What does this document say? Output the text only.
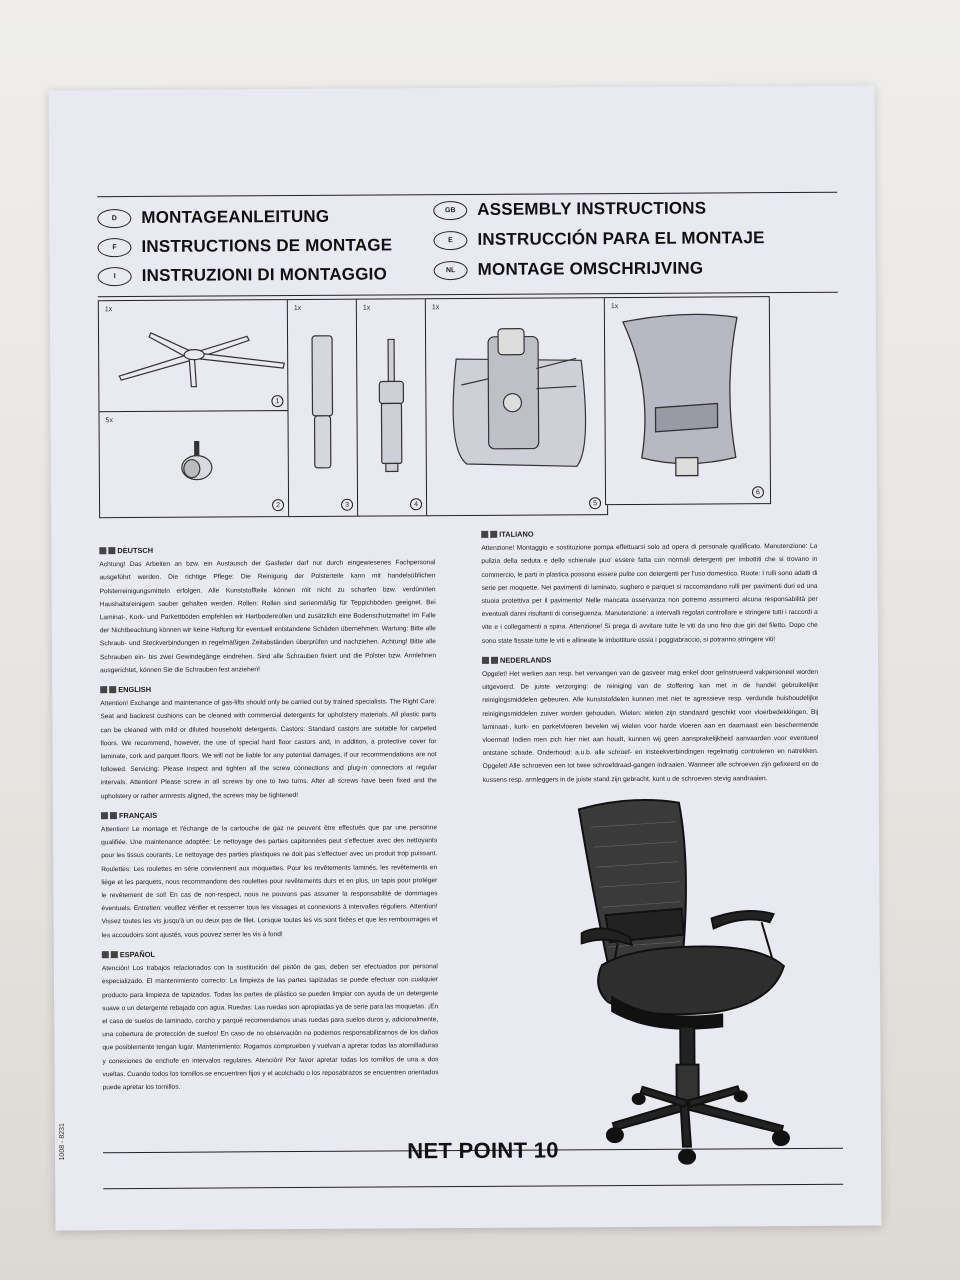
D	MONTAGEANLEITUNG
F	INSTRUCTIONS DE MONTAGE
I	INSTRUZIONI DI MONTAGGIO
GB	ASSEMBLY INSTRUCTIONS
E	INSTRUCCIÓN PARA EL MONTAJE
NL	MONTAGE OMSCHRIJVING
1x
1
5x
2
1x
3
1x
4
1x
5
1x
6
DEUTSCH

Achtung! Das Arbeiten an bzw. ein Austausch der Gasfeder darf nur durch eingewiesenes Fachpersonal ausgeführt werden. Die richtige Pflege: Die Reinigung der Polsterteile kann mit handelsüblichen Polsterreinigungsmitteln erfolgen. Alle Kunststoffteile können mit nicht zu scharfen bzw. verdünnten Haushaltsreinigern sauber gehalten werden. Rollen: Rollen sind serienmäßig für Teppichböden geeignet. Bei Laminat-, Kork- und Parkettböden empfehlen wir Hartbodenrollen und zusätzlich eine Bodenschutzmatte! Im Falle der Nichtbeachtung können wir keine Haftung für eventuell entstandene Schäden übernehmen. Wartung: Bitte alle Schraub- und Steckverbindungen in regelmäßigen Zeitabständen überprüfen und nachziehen. Achtung! Bitte alle Schrauben ein- bis zwei Gewindegänge eindrehen. Sind alle Schrauben fixiert und die Polster bzw. Armlehnen ausgerichtet, können Sie die Schrauben fest anziehen!

ENGLISH

Attention! Exchange and maintenance of gas-lifts should only be carried out by trained specialists. The Right Care: Seat and backrest cushions can be cleaned with commercial detergents for upholstery materials. All plastic parts can be cleaned with mild or diluted household detergents. Castors: Standard castors are suitable for carpeted floors. We recommend, however, the use of special hard floor castors and, in addition, a protective cover for laminate, cork and parquet floors. We will not be liable for any potential damages, if our recommendations are not followed. Servicing: Please inspect and tighten all the screw connections and plug-in connectors at regular intervals. Attention! Please screw in all screws by one to two turns. After all screws have been fixed and the upholstery or rather armrests aligned, the screws may be tightened!

FRANÇAIS

Attention! Le montage et l'échange de la cartouche de gaz ne peuvent être effectués que par une personne qualifiée. Une maintenance adaptée: Le nettoyage des parties capitonnées peut s'effectuer avec des nettoyants pour les tissus courants. Le nettoyage des parties plastiques ne doit pas s'effectuer avec un produit trop puissant. Roulettes: Les roulettes en série conviennent aux moquettes. Pour les revêtements laminés, les revêtements en liège et les parquets, nous recommandons des roulettes pour revêtements durs et en plus, un tapis pour protéger le revêtement de sol! En cas de non-respect, nous ne pouvons pas assumer la responsabilité de dommages éventuels. Entretien: veuillez vérifier et resserrer tous les vissages et connexions à intervalles réguliers. Attention! Vissez toutes les vis jusqu'à un ou deux pas de filet. Lorsque toutes les vis sont fixées et que les rembourrages et les accoudoirs sont ajustés, vous pouvez serrer les vis à fond!

ESPAÑOL

Atención! Los trabajos relacionados con la sustitución del pistón de gas, deben ser efectuados por personal especializado. El mantenimiento correcto: La limpieza de las partes tapizadas se puede efectuar con cualquier producto para limpieza de tapizados. Todas las partes de plástico se pueden limpiar con ayuda de un detergente suave o un detergente rebajado con agua. Ruedas: Las ruedas son apropiadas ya de serie para las moquetas. ¡En el caso de suelos de laminado, corcho y parqué recomendamos unas ruedas para suelos duros y, adicionalmente, una cobertura de protección de suelos! En caso de no observación no podemos responsabilizarnos de los daños que posiblemente tengan lugar. Mantenimiento: Rogamos comprueben y vuelvan a apretar todas las atornilladuras y conexiones de enchufe en intervalos regulares. Atención! Por favor apretar todas los tornillos de una a dos vueltas. Cuando todos los tornillos se encuentren fijos y el acolchado o los reposabrazos se encuentren orientados puede apretar los tornillos.

ITALIANO

Attenzione! Montaggio e sostituzione pompa effettuarsi solo ad opera di personale qualificato. Manutenzione: La pulizia della seduta e dello schienale puo' essere fatta con normali detergenti per imbottiti che si trovano in commercio, le parti in plastica possono essere pulite con detergenti per l'uso domestico. Ruote: I rulli sono adatti di serie per moquette. Nei pavimenti di laminato, sughero e parquet si raccomandano rulli per pavimenti duri ed una stuoia protettiva per il pavimento! Nelle mancata osservanza non potremo assumerci alcuna responsabilità per eventuali danni risultanti di conseguenza. Manutenzione: a intervalli regolari controllare e stringere tutti i raccordi a vite e i collegamenti a spina. Attenzione! Si prega di avvitare tutte le viti da uno fino due giri del filetto. Dopo che sono state fissate tutte le viti e allineate le imbottiture ossia i poggiabraccio, si potranno stringere viti!

NEDERLANDS

Opgelet! Het werken aan resp. het vervangen van de gasveer mag enkel door geïnstrueerd vakpersoneel worden uitgevoerd. De juiste verzorging: de reiniging van de stoffering kan met in de handel gebruikelijke reinigingsmiddelen gebeuren. Alle kunststofdelen kunnen met niet te agressieve resp. verdunde huishoudelijke reinigingsmiddelen zuiver worden gehouden. Wielen: wielen zijn standaard geschikt voor vloerbedekkingen. Bij laminaat-, kurk- en parketvloeren bevelen wij wielen voor harde vloeren aan en daarnaast een beschermende vloermat! Indien men zich hier niet aan houdt, kunnen wij geen aansprakelijkheid aanvaarden voor eventueel ontstane schade. Onderhoud: a.u.b. alle schroef- en insteekverbindingen regelmatig controleren en natrekken. Opgelet! Alle schroeven een tot twee schroefdraad-gangen indraaien. Wanneer alle schroeven zijn gefixeerd en de kussens resp. armleggers in de juiste stand zijn gebracht, kunt u de schroeven stevig aandraaien.

NET POINT 10
1008 - 8231
